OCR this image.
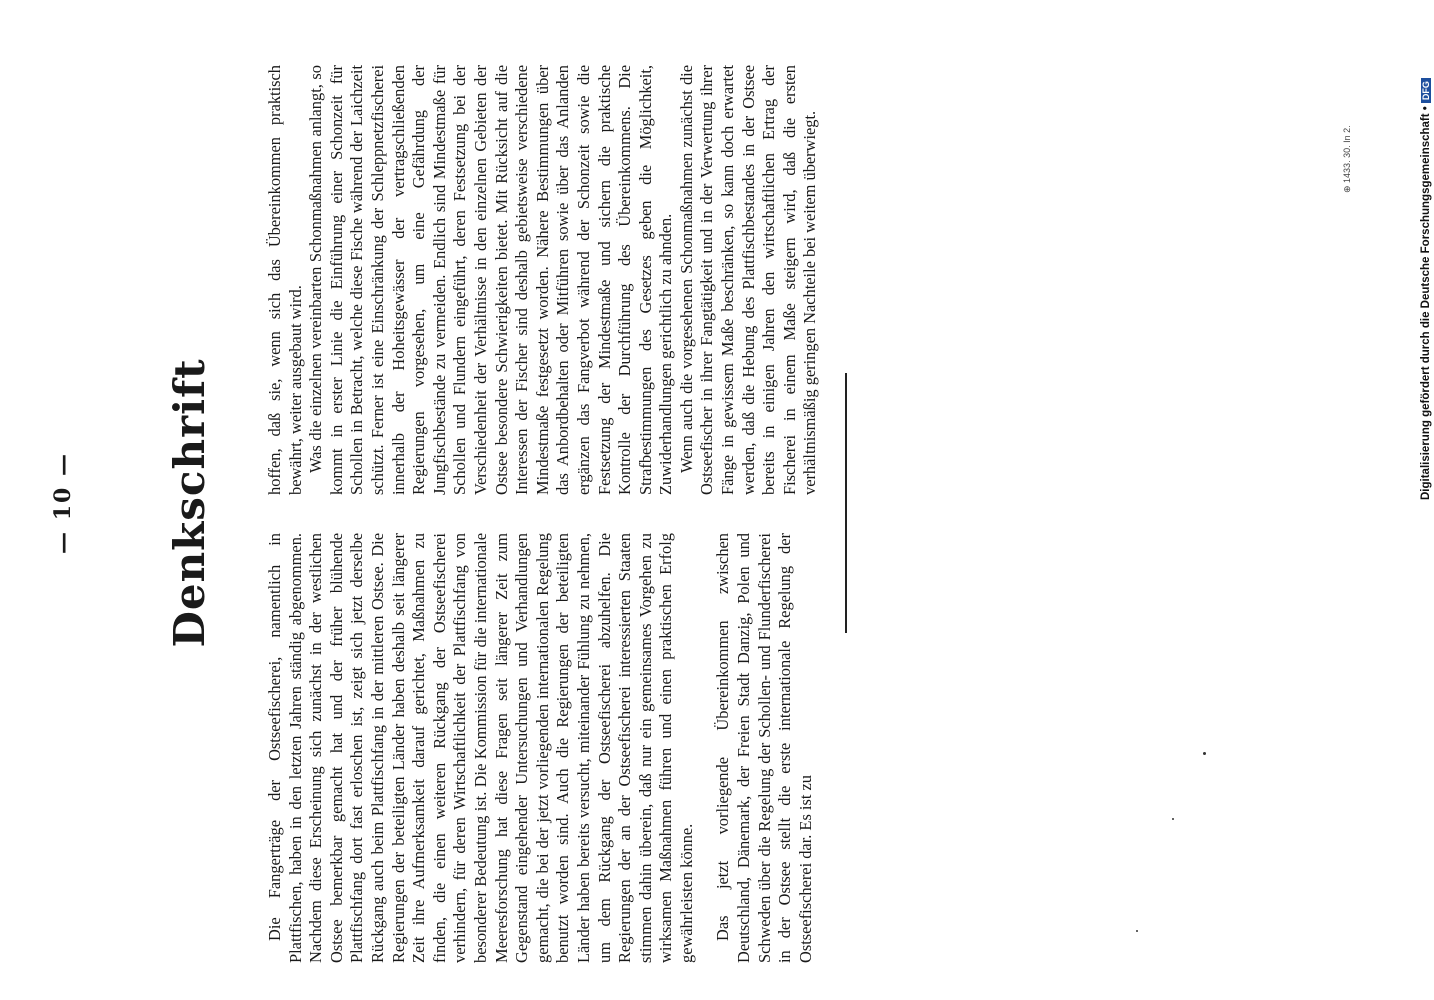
— 10 — Denkschrift

Die Fangerträge der Ostseefischerei, namentlich in Plattfischen, haben in den letzten Jahren ständig abgenommen. Nachdem diese Erscheinung sich zunächst in der westlichen Ostsee bemerkbar gemacht hat und der früher blühende Plattfischfang dort fast erloschen ist, zeigt sich jetzt derselbe Rückgang auch beim Plattfischfang in der mittleren Ostsee. Die Regierungen der beteiligten Länder haben deshalb seit längerer Zeit ihre Aufmerksamkeit darauf gerichtet, Maßnahmen zu finden, die einen weiteren Rückgang der Ostseefischerei verhindern, für deren Wirtschaftlichkeit der Plattfischfang von besonderer Bedeutung ist. Die Kommission für die internationale Meeresforschung hat diese Fragen seit längerer Zeit zum Gegenstand eingehender Untersuchungen und Verhandlungen gemacht, die bei der jetzt vorliegenden internationalen Regelung benutzt worden sind. Auch die Regierungen der beteiligten Länder haben bereits versucht, miteinander Fühlung zu nehmen, um dem Rückgang der Ostseefischerei abzuhelfen. Die Regierungen der an der Ostseefischerei interessierten Staaten stimmen dahin überein, daß nur ein gemeinsames Vorgehen zu wirksamen Maßnahmen führen und einen praktischen Erfolg gewährleisten könne. Das jetzt vorliegende Übereinkommen zwischen Deutschland, Dänemark, der Freien Stadt Danzig, Polen und Schweden über die Regelung der Schollen- und Flunderfischerei in der Ostsee stellt die erste internationale Regelung der Ostseefischerei dar. Es ist zu

hoffen, daß sie, wenn sich das Übereinkommen praktisch bewährt, weiter ausgebaut wird. Was die einzelnen vereinbarten Schonmaßnahmen anlangt, so kommt in erster Linie die Einführung einer Schonzeit für Schollen in Betracht, welche diese Fische während der Laichzeit schützt. Ferner ist eine Einschränkung der Schleppnetzfischerei innerhalb der Hoheitsgewässer der vertragschließenden Regierungen vorgesehen, um eine Gefährdung der Jungfischbestände zu vermeiden. Endlich sind Mindestmaße für Schollen und Flundern eingeführt, deren Festsetzung bei der Verschiedenheit der Verhältnisse in den einzelnen Gebieten der Ostsee besondere Schwierigkeiten bietet. Mit Rücksicht auf die Interessen der Fischer sind deshalb gebietsweise verschiedene Mindestmaße festgesetzt worden. Nähere Bestimmungen über das Anbordbehalten oder Mitführen sowie über das Anlanden ergänzen das Fangverbot während der Schonzeit sowie die Festsetzung der Mindestmaße und sichern die praktische Kontrolle der Durchführung des Übereinkommens. Die Strafbestimmungen des Gesetzes geben die Möglichkeit, Zuwiderhandlungen gerichtlich zu ahnden. Wenn auch die vorgesehenen Schonmaßnahmen zunächst die Ostseefischer in ihrer Fangtätigkeit und in der Verwertung ihrer Fänge in gewissem Maße beschränken, so kann doch erwartet werden, daß die Hebung des Plattfischbestandes in der Ostsee bereits in einigen Jahren den wirtschaftlichen Ertrag der Fischerei in einem Maße steigern wird, daß die ersten verhältnismäßig geringen Nachteile bei weitem überwiegt.	⊕ 1433. 30. In 2.	Digitalisierung gefördert durch die Deutsche Forschungsgemeinschaft •DFG
